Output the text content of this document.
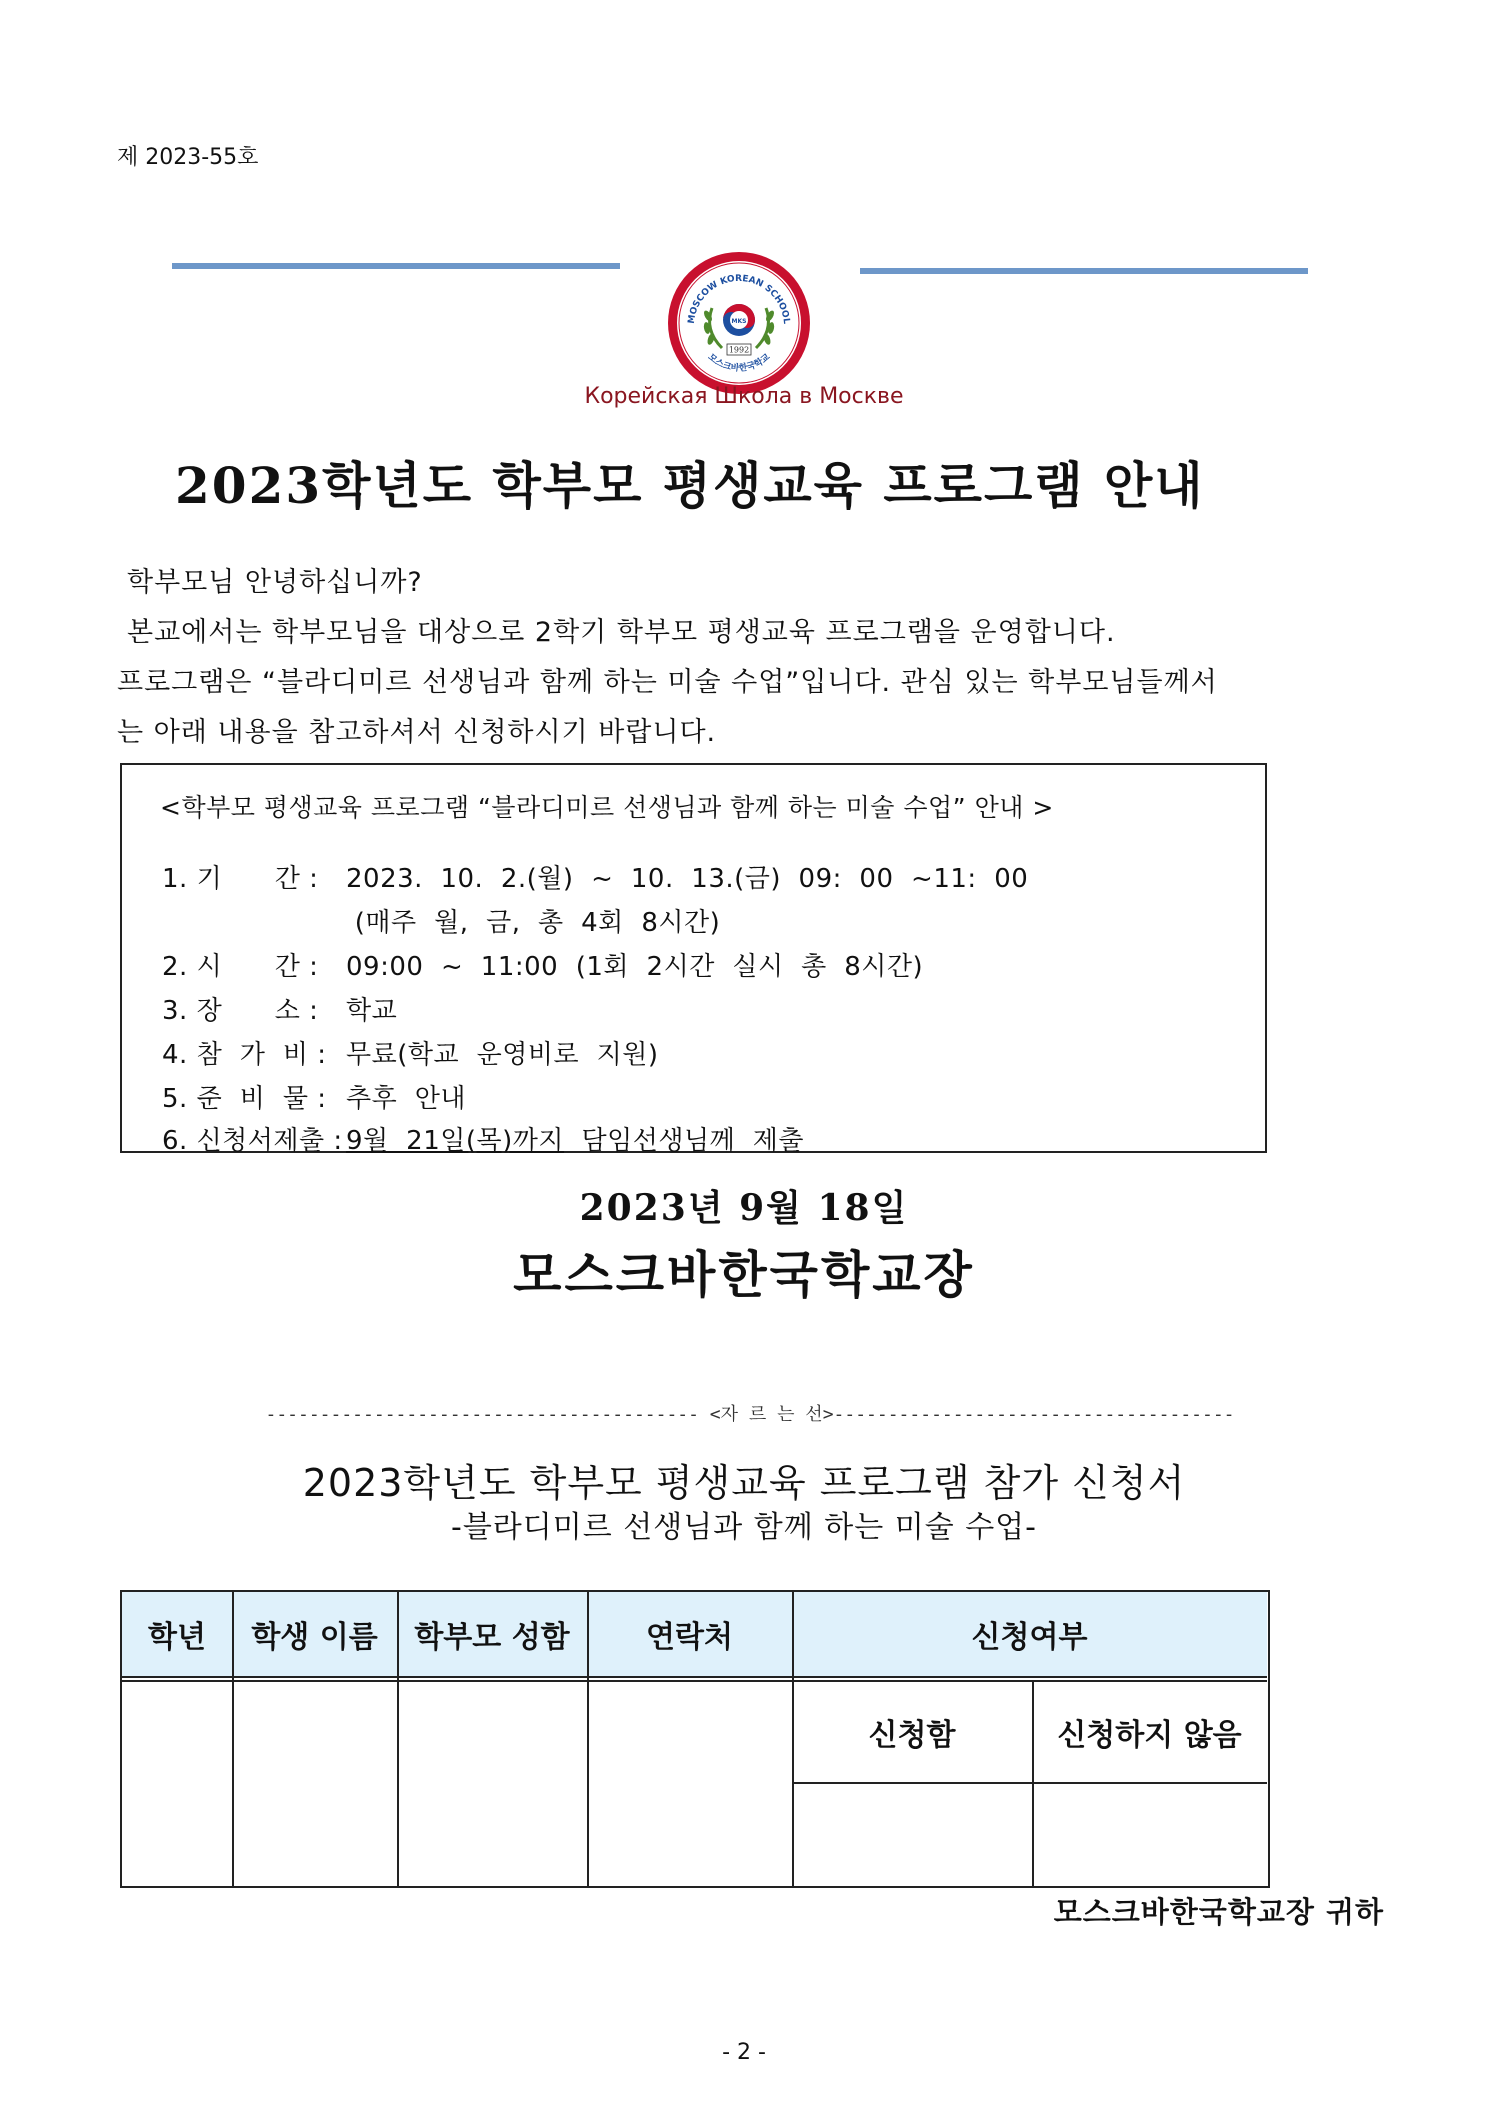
제 2023-55호
MOSCOW KOREAN SCHOOL
모스크바한국학교
MKS
1992
Корейская Школа в Москве
2023학년도 학부모 평생교육 프로그램 안내
학부모님 안녕하십니까?
본교에서는 학부모님을 대상으로 2학기 학부모 평생교육 프로그램을 운영합니다.
프로그램은 “블라디미르 선생님과 함께 하는 미술 수업”입니다. 관심 있는 학부모님들께서
는 아래 내용을 참고하셔서 신청하시기 바랍니다.
<학부모 평생교육 프로그램 “블라디미르 선생님과 함께 하는 미술 수업” 안내 >
1. 기      간 : 2023.  10.  2.(월)  ~  10.  13.(금)  09:  00  ~11:  00
(매주  월,  금,  총  4회  8시간)
2. 시      간 : 09:00  ~  11:00  (1회  2시간  실시  총  8시간)
3. 장      소 : 학교
4. 참  가  비 : 무료(학교  운영비로  지원)
5. 준  비  물 : 추후  안내
6. 신청서제출 : 9월  21일(목)까지  담임선생님께  제출
2023년 9월 18일
모스크바한국학교장
---------------------------------------- <자 르 는 선>-------------------------------------
2023학년도 학부모 평생교육 프로그램 참가 신청서
-블라디미르 선생님과 함께 하는 미술 수업-
학년	학생 이름	학부모 성함	연락처	신청여부
신청함	신청하지 않음
모스크바한국학교장 귀하
- 2 -
